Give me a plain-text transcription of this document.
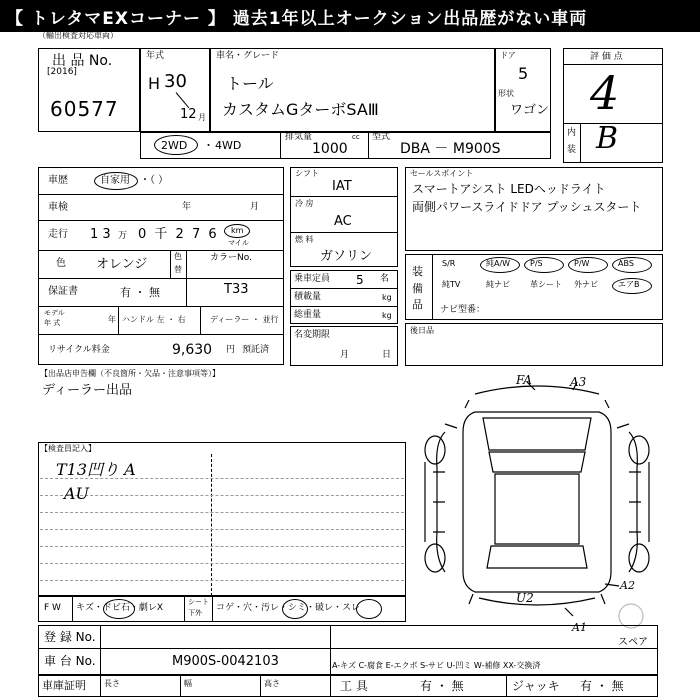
【 トレタマEXコーナー 】 過去1年以上オークション出品歴がない車両
（輸出検査対応車両）
出 品 No.
[2016]
60577
年式
H 30
12 月
車名・グレード
トール
カスタムGターボSAⅢ
ドア
5
形状
ワゴン
評 価 点
4
内
装 B
2WD ・ 4WD
排気量	cc
1000
型式
DBA － M900S
車歴	自家用 ・（ ）
車検	年	月
走行 1 3 万 0 千 2 7 6 km
マイル
色 オレンジ
色
替
カラーNo.
T33
保証書	有 ・ 無
モデル
年 式	年 ハンドル 左 ・ 右	ディーラー ・ 並行
リサイクル料金	9,630 円 預託済
シフト
IAT
冷 房
AC
燃 料
ガソリン
乗車定員 5 名
積載量	kg
総重量	kg
名変期限
月	日
セールスポイント
スマートアシスト LEDヘッドライト
両側パワースライドドア プッシュスタート
装 備 品
S/R	純A/W P/S	P/W	ABS
純TV	純ナビ	革シート 外ナビ	エアB
ナビ型番：
後日品
【出品店申告欄（不良箇所・欠品・注意事項等）】
ディーラー出品
【検査員記入】
T13凹り A
AU
FA	A3
A2
U2
A1
スペア
F W キズ・ドビ石・劇レX
シート
下外 コゲ・穴・汚レ・シミ・破レ・スレ
登 録 No.
車 台 No.	M900S-0042103	A-キズ C-腐食 E-エクボ S-サビ U-凹ミ W-補修 XX-交換済
車庫証明 長さ	幅	高さ	工 具	有 ・ 無	ジャッキ 有 ・ 無
